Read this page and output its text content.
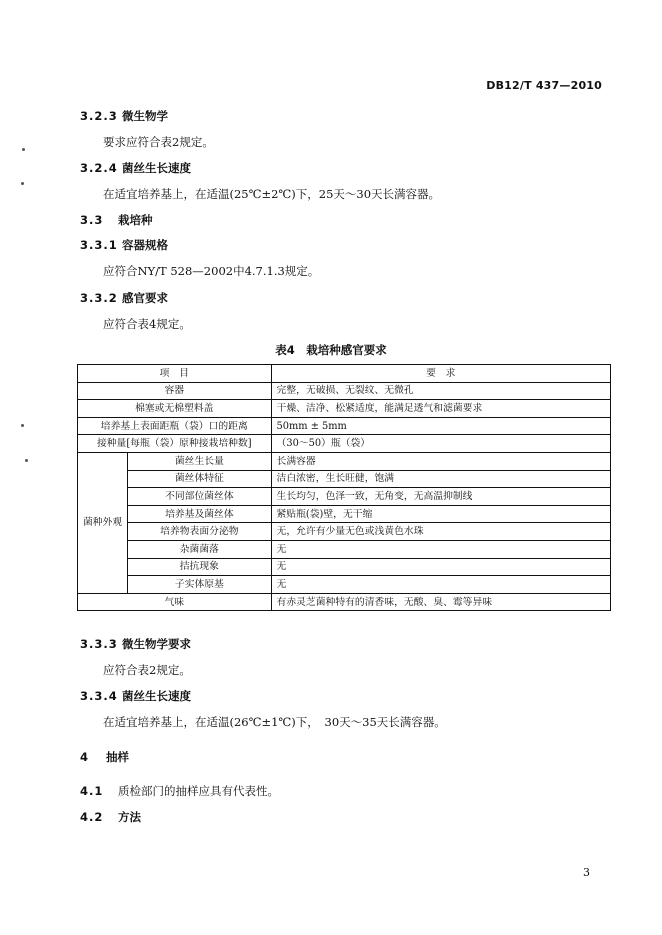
DB12/T 437—2010
3.2.3 微生物学
要求应符合表2规定。
3.2.4 菌丝生长速度
在适宜培养基上，在适温(25℃±2℃)下，25天～30天长满容器。
3.3 栽培种
3.3.1 容器规格
应符合NY/T 528—2002中4.7.1.3规定。
3.3.2 感官要求
应符合表4规定。
表4　栽培种感官要求
项　目		要　求
容器		完整，无破损、无裂纹、无微孔
棉塞或无棉塑料盖		干燥、洁净、松紧适度，能满足透气和滤菌要求
培养基上表面距瓶（袋）口的距离		50mm ± 5mm
接种量[每瓶（袋）原种接栽培种数]		（30～50）瓶（袋）
菌种外观	菌丝生长量	长满容器
	菌丝体特征	洁白浓密，生长旺健，饱满
	不同部位菌丝体	生长均匀，色泽一致，无角变，无高温抑制线
	培养基及菌丝体	紧贴瓶(袋)壁，无干缩
	培养物表面分泌物	无，允许有少量无色或浅黄色水珠
	杂菌菌落	无
	拮抗现象	无
	子实体原基	无
气味		有赤灵芝菌种特有的清香味，无酸、臭、霉等异味
3.3.3 微生物学要求
应符合表2规定。
3.3.4 菌丝生长速度
在适宜培养基上，在适温(26℃±1℃)下，　30天～35天长满容器。
4 抽样
4.1 质检部门的抽样应具有代表性。
4.2 方法
3
